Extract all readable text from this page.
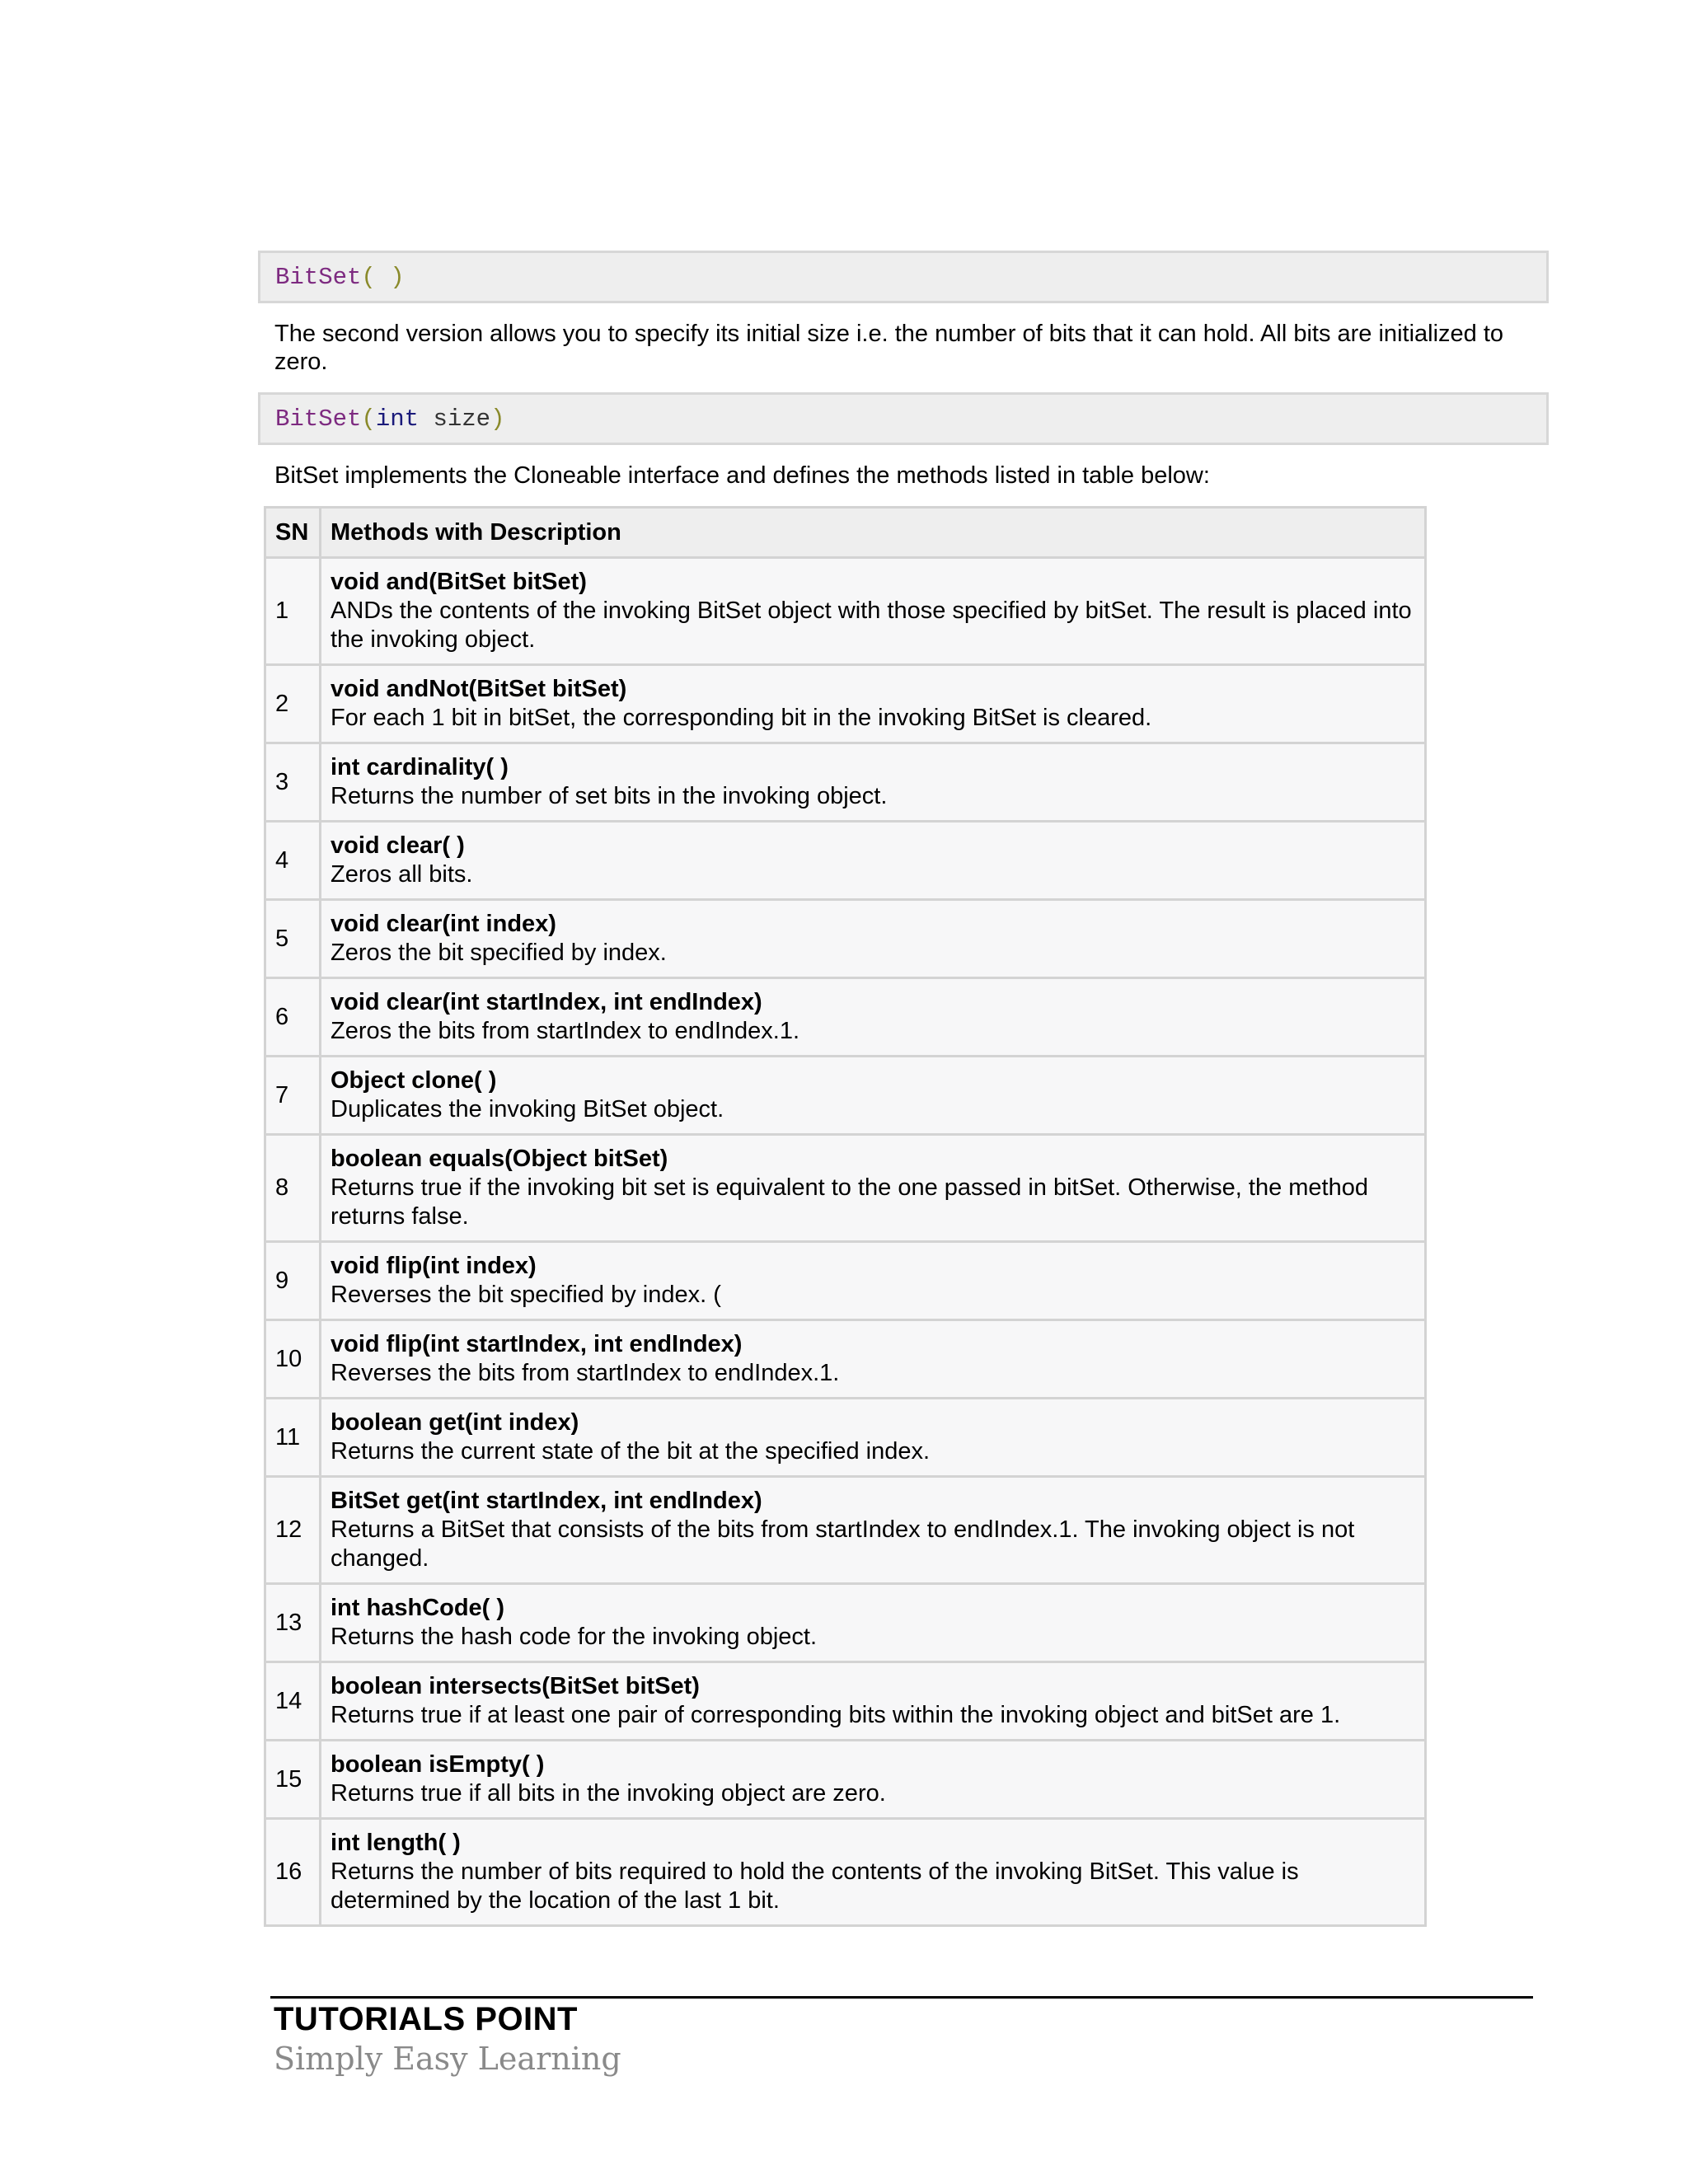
BitSet (
)

The second version allows you to specify its initial size i.e. the number of bits that it can hold. All bits are initialized to zero.

BitSet ( int size )

BitSet implements the Cloneable interface and defines the methods listed in table below:

SN	Methods with Description
1	void and(BitSet bitSet)
ANDs the contents of the invoking BitSet object with those specified by bitSet. The result is placed into the invoking object.

2	void andNot(BitSet bitSet)
For each 1 bit in bitSet, the corresponding bit in the invoking BitSet is cleared.

3	int cardinality( )
Returns the number of set bits in the invoking object.

4	void clear( )
Zeros all bits.

5	void clear(int index)
Zeros the bit specified by index.

6	void clear(int startIndex, int endIndex)
Zeros the bits from startIndex to endIndex.1.

7	Object clone( )
Duplicates the invoking BitSet object.

8	boolean equals(Object bitSet)
Returns true if the invoking bit set is equivalent to the one passed in bitSet. Otherwise, the method returns false.

9	void flip(int index)
Reverses the bit specified by index. (

10	void flip(int startIndex, int endIndex)
Reverses the bits from startIndex to endIndex.1.

11	boolean get(int index)
Returns the current state of the bit at the specified index.

12	BitSet get(int startIndex, int endIndex)
Returns a BitSet that consists of the bits from startIndex to endIndex.1. The invoking object is not changed.

13	int hashCode( )
Returns the hash code for the invoking object.

14	boolean intersects(BitSet bitSet)
Returns true if at least one pair of corresponding bits within the invoking object and bitSet are 1.

15	boolean isEmpty( )
Returns true if all bits in the invoking object are zero.

16	int length( )
Returns the number of bits required to hold the contents of the invoking BitSet. This value is determined by the location of the last 1 bit.
TUTORIALS POINT
Simply Easy Learning
